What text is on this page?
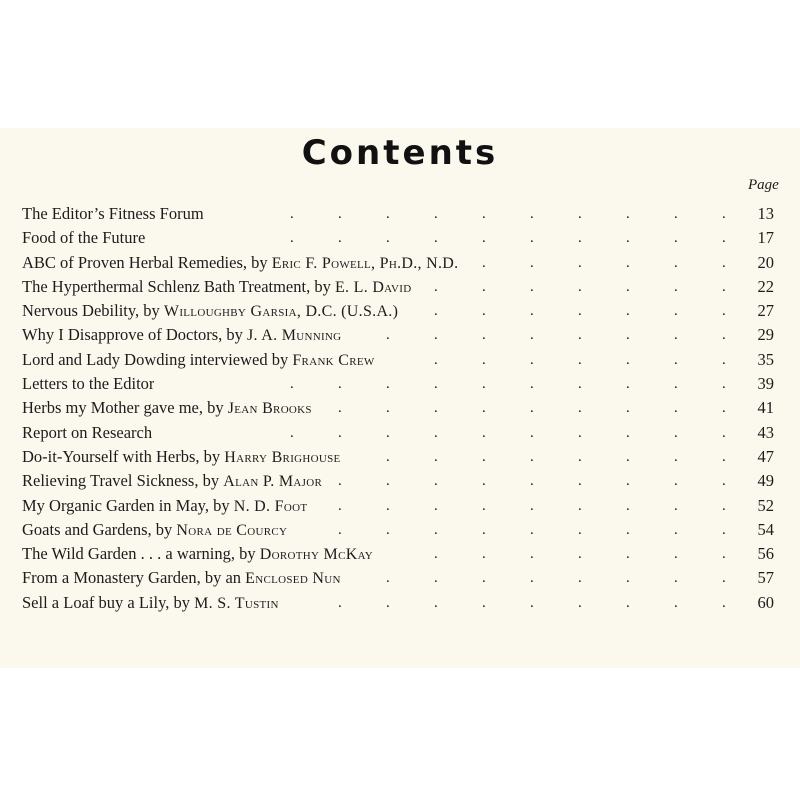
Contents
Page
The Editor’s Fitness Forum	13
.	.	.	.	.	.	.	.	.	.
Food of the Future	17
.	.	.	.	.	.	.	.	.	.
ABC of Proven Herbal Remedies, by Eric F. Powell, Ph.D., N.D.	20
.	.	.	.	.	.
The Hyperthermal Schlenz Bath Treatment, by E. L. David	22
.	.	.	.	.	.	.
Nervous Debility, by Willoughby Garsia, D.C. (U.S.A.)	27
.	.	.	.	.	.	.
Why I Disapprove of Doctors, by J. A. Munning	29
.	.	.	.	.	.	.	.
Lord and Lady Dowding interviewed by Frank Crew	35
.	.	.	.	.	.	.
Letters to the Editor	39
.	.	.	.	.	.	.	.	.	.
Herbs my Mother gave me, by Jean Brooks	41
.	.	.	.	.	.	.	.	.
Report on Research	43
.	.	.	.	.	.	.	.	.	.
Do-it-Yourself with Herbs, by Harry Brighouse	47
.	.	.	.	.	.	.	.
Relieving Travel Sickness, by Alan P. Major	49
.	.	.	.	.	.	.	.	.
My Organic Garden in May, by N. D. Foot	52
.	.	.	.	.	.	.	.	.
Goats and Gardens, by Nora de Courcy	54
.	.	.	.	.	.	.	.	.
The Wild Garden . . . a warning, by Dorothy McKay	56
.	.	.	.	.	.	.
From a Monastery Garden, by an Enclosed Nun	57
.	.	.	.	.	.	.	.
Sell a Loaf buy a Lily, by M. S. Tustin	60
.	.	.	.	.	.	.	.	.
